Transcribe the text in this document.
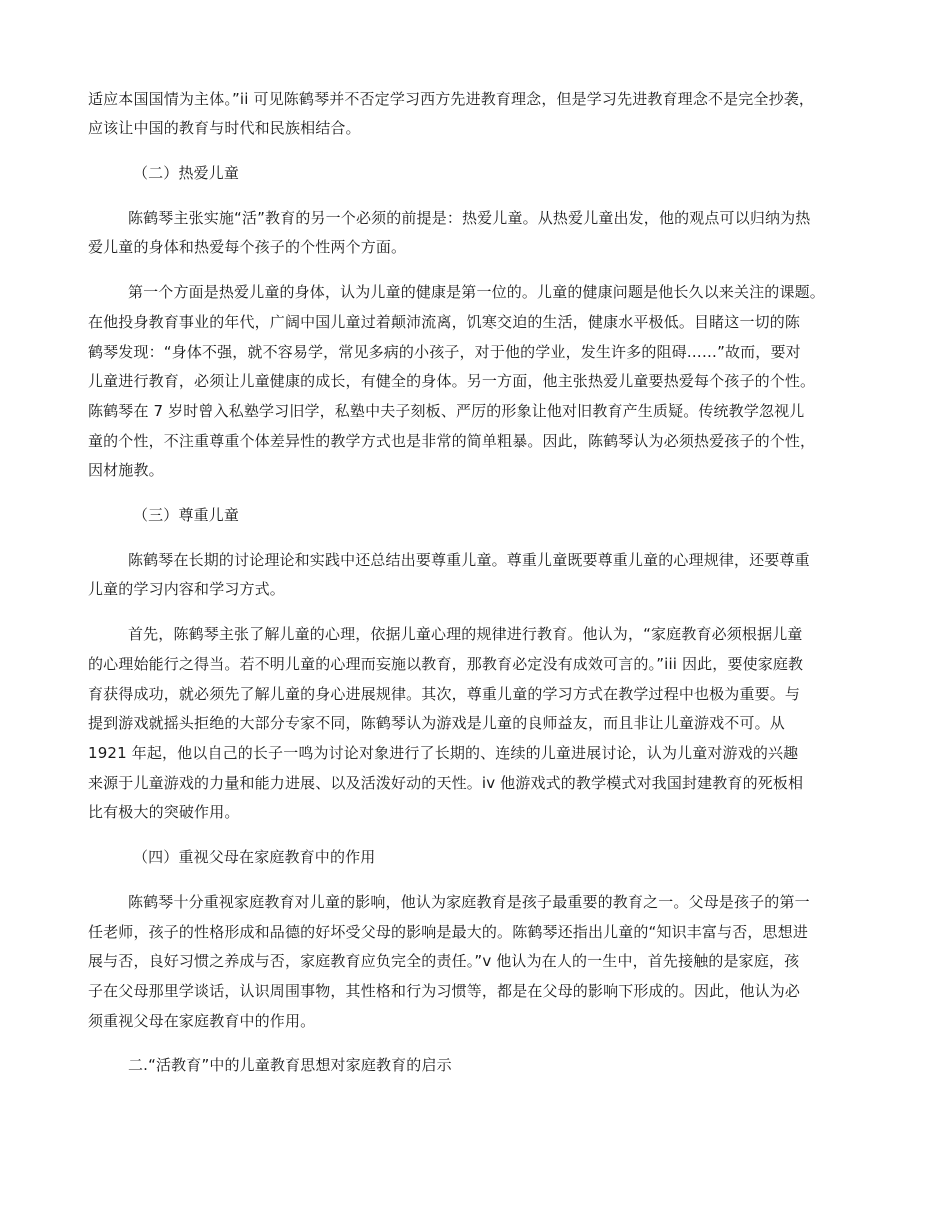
适应本国国情为主体。”ii 可见陈鹤琴并不否定学习西方先进教育理念，但是学习先进教育理念不是完全抄袭，
应该让中国的教育与时代和民族相结合。
（二）热爱儿童
陈鹤琴主张实施“活”教育的另一个必须的前提是：热爱儿童。从热爱儿童出发，他的观点可以归纳为热
爱儿童的身体和热爱每个孩子的个性两个方面。
第一个方面是热爱儿童的身体，认为儿童的健康是第一位的。儿童的健康问题是他长久以来关注的课题。
在他投身教育事业的年代，广阔中国儿童过着颠沛流离，饥寒交迫的生活，健康水平极低。目睹这一切的陈
鹤琴发现：“身体不强，就不容易学，常见多病的小孩子，对于他的学业，发生许多的阻碍……”故而，要对
儿童进行教育，必须让儿童健康的成长，有健全的身体。另一方面，他主张热爱儿童要热爱每个孩子的个性。
陈鹤琴在 7 岁时曾入私塾学习旧学，私塾中夫子刻板、严厉的形象让他对旧教育产生质疑。传统教学忽视儿
童的个性，不注重尊重个体差异性的教学方式也是非常的简单粗暴。因此，陈鹤琴认为必须热爱孩子的个性，
因材施教。
（三）尊重儿童
陈鹤琴在长期的讨论理论和实践中还总结出要尊重儿童。尊重儿童既要尊重儿童的心理规律，还要尊重
儿童的学习内容和学习方式。
首先，陈鹤琴主张了解儿童的心理，依据儿童心理的规律进行教育。他认为，“家庭教育必须根据儿童
的心理始能行之得当。若不明儿童的心理而妄施以教育，那教育必定没有成效可言的。”iii 因此，要使家庭教
育获得成功，就必须先了解儿童的身心进展规律。其次，尊重儿童的学习方式在教学过程中也极为重要。与
提到游戏就摇头拒绝的大部分专家不同，陈鹤琴认为游戏是儿童的良师益友，而且非让儿童游戏不可。从
1921 年起，他以自己的长子一鸣为讨论对象进行了长期的、连续的儿童进展讨论，认为儿童对游戏的兴趣
来源于儿童游戏的力量和能力进展、以及活泼好动的天性。iv 他游戏式的教学模式对我国封建教育的死板相
比有极大的突破作用。
（四）重视父母在家庭教育中的作用
陈鹤琴十分重视家庭教育对儿童的影响，他认为家庭教育是孩子最重要的教育之一。父母是孩子的第一
任老师，孩子的性格形成和品德的好坏受父母的影响是最大的。陈鹤琴还指出儿童的“知识丰富与否，思想进
展与否，良好习惯之养成与否，家庭教育应负完全的责任。”v 他认为在人的一生中，首先接触的是家庭，孩
子在父母那里学谈话，认识周围事物，其性格和行为习惯等，都是在父母的影响下形成的。因此，他认为必
须重视父母在家庭教育中的作用。
二.“活教育”中的儿童教育思想对家庭教育的启示
